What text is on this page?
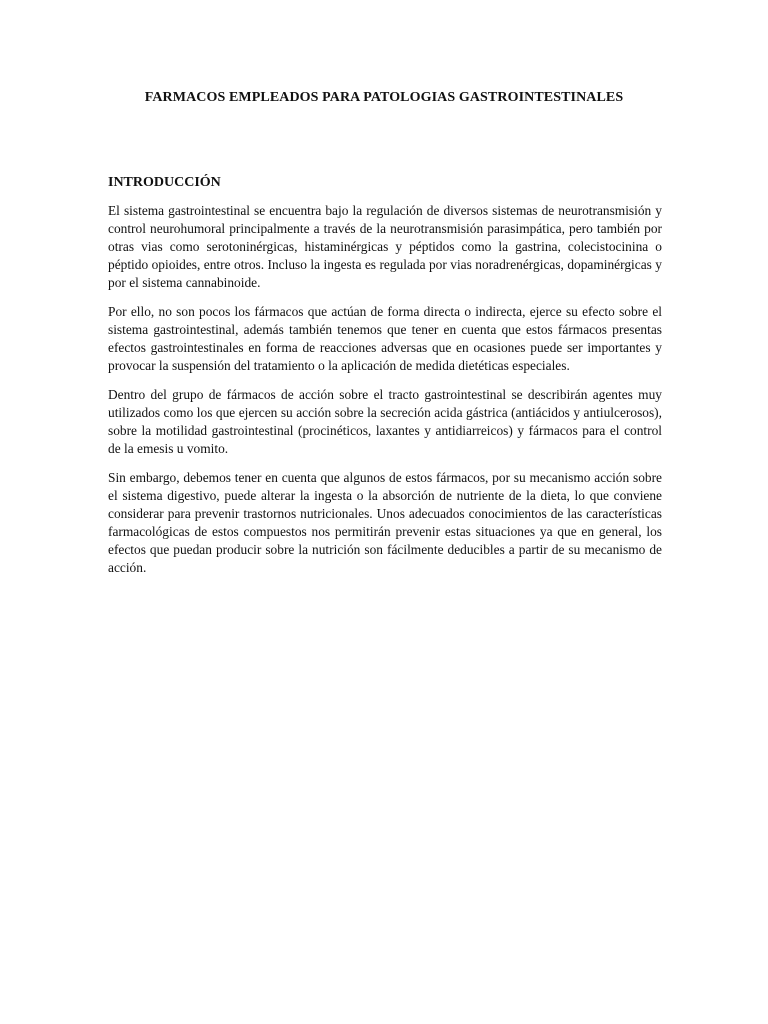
FARMACOS EMPLEADOS PARA PATOLOGIAS GASTROINTESTINALES
INTRODUCCIÓN

El sistema gastrointestinal se encuentra bajo la regulación de diversos sistemas de neurotransmisión y control neurohumoral principalmente a través de la neurotransmisión parasimpática, pero también por otras vias como serotoninérgicas, histaminérgicas y péptidos como la gastrina, colecistocinina o péptido opioides, entre otros. Incluso la ingesta es regulada por vias noradrenérgicas, dopaminérgicas y por el sistema cannabinoide.

Por ello, no son pocos los fármacos que actúan de forma directa o indirecta, ejerce su efecto sobre el sistema gastrointestinal, además también tenemos que tener en cuenta que estos fármacos presentas efectos gastrointestinales en forma de reacciones adversas que en ocasiones puede ser importantes y provocar la suspensión del tratamiento o la aplicación de medida dietéticas especiales.

Dentro del grupo de fármacos de acción sobre el tracto gastrointestinal se describirán agentes muy utilizados como los que ejercen su acción sobre la secreción acida gástrica (antiácidos y antiulcerosos), sobre la motilidad gastrointestinal (procinéticos, laxantes y antidiarreicos) y fármacos para el control de la emesis u vomito.

Sin embargo, debemos tener en cuenta que algunos de estos fármacos, por su mecanismo acción sobre el sistema digestivo, puede alterar la ingesta o la absorción de nutriente de la dieta, lo que conviene considerar para prevenir trastornos nutricionales. Unos adecuados conocimientos de las características farmacológicas de estos compuestos nos permitirán prevenir estas situaciones ya que en general, los efectos que puedan producir sobre la nutrición son fácilmente deducibles a partir de su mecanismo de acción.
